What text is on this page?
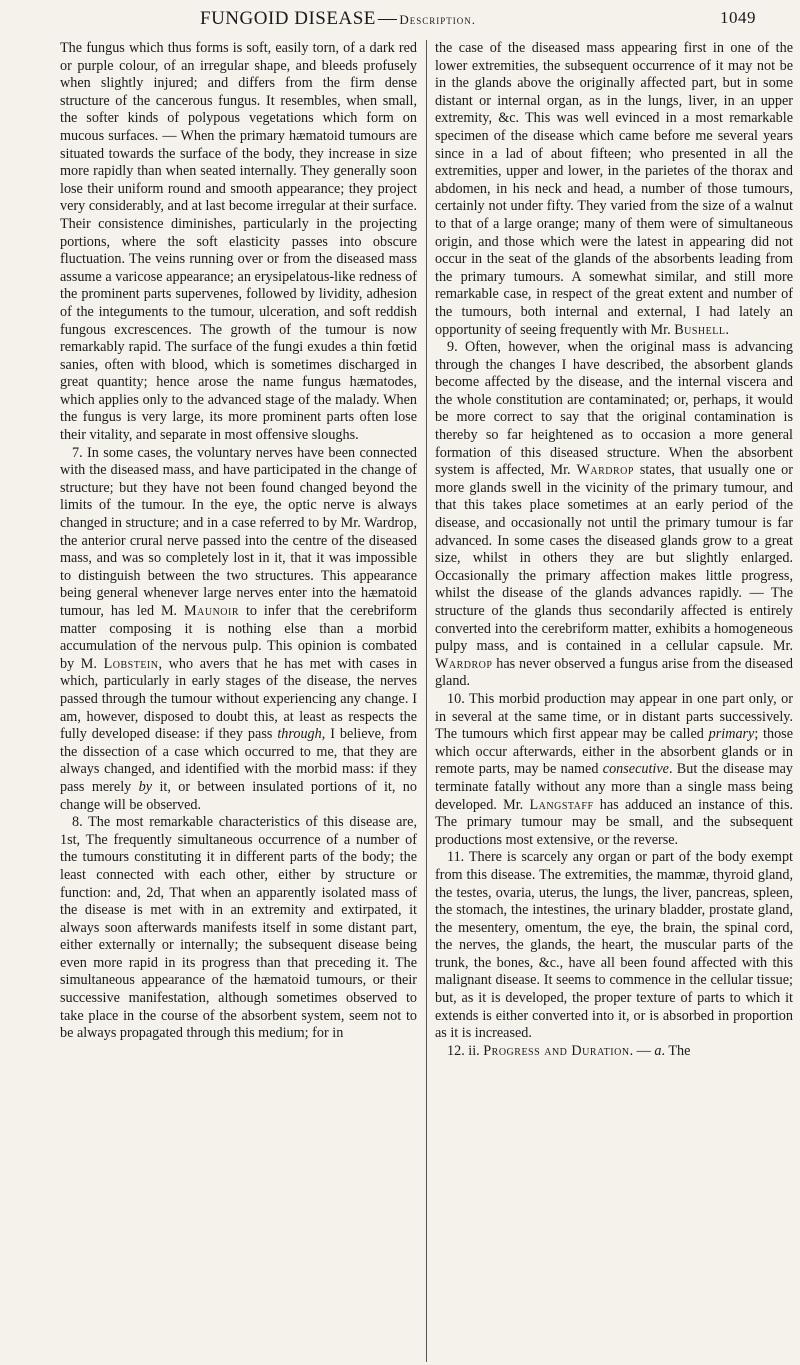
FUNGOID DISEASE — Description.	1049

The fungus which thus forms is soft, easily torn, of a dark red or purple colour, of an irregular shape, and bleeds profusely when slightly injured; and differs from the firm dense structure of the cancerous fungus. It resembles, when small, the softer kinds of polypous vegetations which form on mucous surfaces. — When the primary hæmatoid tumours are situated towards the surface of the body, they increase in size more rapidly than when seated internally. They generally soon lose their uniform round and smooth appearance; they project very considerably, and at last become irregular at their surface. Their consistence diminishes, particularly in the projecting portions, where the soft elasticity passes into obscure fluctuation. The veins running over or from the diseased mass assume a varicose appearance; an erysipelatous-like redness of the prominent parts supervenes, followed by lividity, adhesion of the integuments to the tumour, ulceration, and soft reddish fungous excrescences. The growth of the tumour is now remarkably rapid. The surface of the fungi exudes a thin fœtid sanies, often with blood, which is sometimes discharged in great quantity; hence arose the name fungus hæmatodes, which applies only to the advanced stage of the malady. When the fungus is very large, its more prominent parts often lose their vitality, and separate in most offensive sloughs.

7. In some cases, the voluntary nerves have been connected with the diseased mass, and have participated in the change of structure; but they have not been found changed beyond the limits of the tumour. In the eye, the optic nerve is always changed in structure; and in a case referred to by Mr. Wardrop, the anterior crural nerve passed into the centre of the diseased mass, and was so completely lost in it, that it was impossible to distinguish between the two structures. This appearance being general whenever large nerves enter into the hæmatoid tumour, has led M. Maunoir to infer that the cerebriform matter composing it is nothing else than a morbid accumulation of the nervous pulp. This opinion is combated by M. Lobstein, who avers that he has met with cases in which, particularly in early stages of the disease, the nerves passed through the tumour without experiencing any change. I am, however, disposed to doubt this, at least as respects the fully developed disease: if they pass through, I believe, from the dissection of a case which occurred to me, that they are always changed, and identified with the morbid mass: if they pass merely by it, or between insulated portions of it, no change will be observed.

8. The most remarkable characteristics of this disease are, 1st, The frequently simultaneous occurrence of a number of the tumours constituting it in different parts of the body; the least connected with each other, either by structure or function: and, 2d, That when an apparently isolated mass of the disease is met with in an extremity and extirpated, it always soon afterwards manifests itself in some distant part, either externally or internally; the subsequent disease being even more rapid in its progress than that preceding it. The simultaneous appearance of the hæmatoid tumours, or their successive manifestation, although sometimes observed to take place in the course of the absorbent system, seem not to be always propagated through this medium; for in

the case of the diseased mass appearing first in one of the lower extremities, the subsequent occurrence of it may not be in the glands above the originally affected part, but in some distant or internal organ, as in the lungs, liver, in an upper extremity, &c. This was well evinced in a most remarkable specimen of the disease which came before me several years since in a lad of about fifteen; who presented in all the extremities, upper and lower, in the parietes of the thorax and abdomen, in his neck and head, a number of those tumours, certainly not under fifty. They varied from the size of a walnut to that of a large orange; many of them were of simultaneous origin, and those which were the latest in appearing did not occur in the seat of the glands of the absorbents leading from the primary tumours. A somewhat similar, and still more remarkable case, in respect of the great extent and number of the tumours, both internal and external, I had lately an opportunity of seeing frequently with Mr. Bushell.

9. Often, however, when the original mass is advancing through the changes I have described, the absorbent glands become affected by the disease, and the internal viscera and the whole constitution are contaminated; or, perhaps, it would be more correct to say that the original contamination is thereby so far heightened as to occasion a more general formation of this diseased structure. When the absorbent system is affected, Mr. Wardrop states, that usually one or more glands swell in the vicinity of the primary tumour, and that this takes place sometimes at an early period of the disease, and occasionally not until the primary tumour is far advanced. In some cases the diseased glands grow to a great size, whilst in others they are but slightly enlarged. Occasionally the primary affection makes little progress, whilst the disease of the glands advances rapidly. — The structure of the glands thus secondarily affected is entirely converted into the cerebriform matter, exhibits a homogeneous pulpy mass, and is contained in a cellular capsule. Mr. Wardrop has never observed a fungus arise from the diseased gland.

10. This morbid production may appear in one part only, or in several at the same time, or in distant parts successively. The tumours which first appear may be called primary; those which occur afterwards, either in the absorbent glands or in remote parts, may be named consecutive. But the disease may terminate fatally without any more than a single mass being developed. Mr. Langstaff has adduced an instance of this. The primary tumour may be small, and the subsequent productions most extensive, or the reverse.

11. There is scarcely any organ or part of the body exempt from this disease. The extremities, the mammæ, thyroid gland, the testes, ovaria, uterus, the lungs, the liver, pancreas, spleen, the stomach, the intestines, the urinary bladder, prostate gland, the mesentery, omentum, the eye, the brain, the spinal cord, the nerves, the glands, the heart, the muscular parts of the trunk, the bones, &c., have all been found affected with this malignant disease. It seems to commence in the cellular tissue; but, as it is developed, the proper texture of parts to which it extends is either converted into it, or is absorbed in proportion as it is increased.

12. ii. Progress and Duration. — a. The
